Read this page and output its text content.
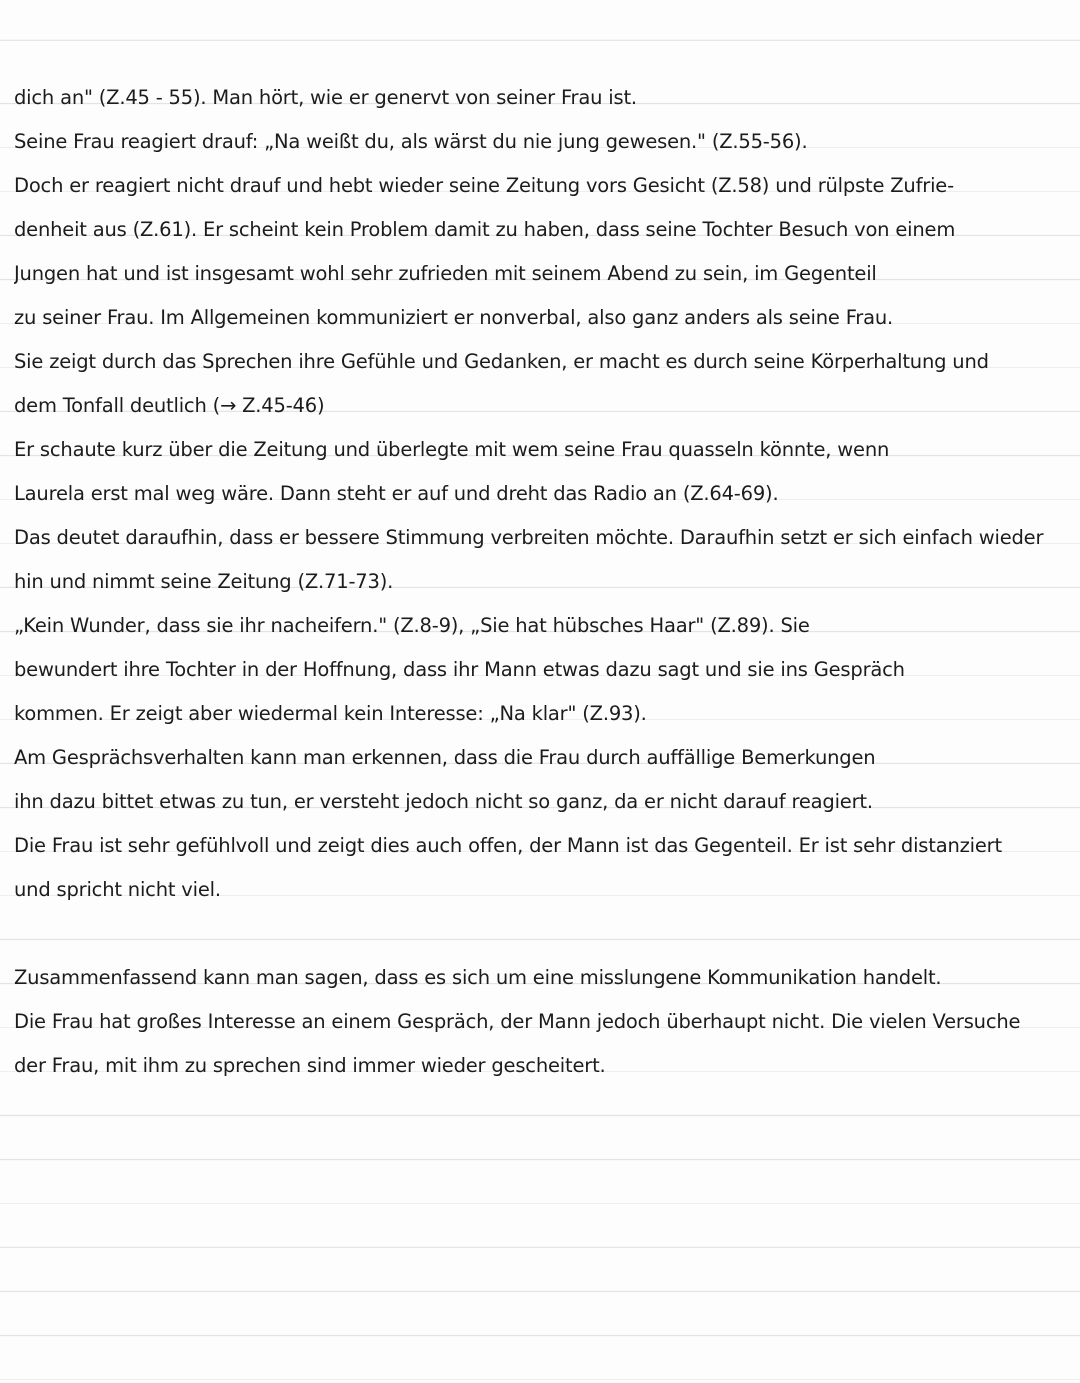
dich an" (Z.45 - 55). Man hört, wie er genervt von seiner Frau ist.
Seine Frau reagiert drauf: „Na weißt du, als wärst du nie jung gewesen." (Z.55-56).
Doch er reagiert nicht drauf und hebt wieder seine Zeitung vors Gesicht (Z.58) und rülpste Zufrie-
denheit aus (Z.61). Er scheint kein Problem damit zu haben, dass seine Tochter Besuch von einem
Jungen hat und ist insgesamt wohl sehr zufrieden mit seinem Abend zu sein, im Gegenteil
zu seiner Frau. Im Allgemeinen kommuniziert er nonverbal, also ganz anders als seine Frau.
Sie zeigt durch das Sprechen ihre Gefühle und Gedanken, er macht es durch seine Körperhaltung und
dem Tonfall deutlich (→ Z.45-46)
Er schaute kurz über die Zeitung und überlegte mit wem seine Frau quasseln könnte, wenn
Laurela erst mal weg wäre. Dann steht er auf und dreht das Radio an (Z.64-69).
Das deutet daraufhin, dass er bessere Stimmung verbreiten möchte. Daraufhin setzt er sich einfach wieder
hin und nimmt seine Zeitung (Z.71-73).
„Kein Wunder, dass sie ihr nacheifern." (Z.8-9), „Sie hat hübsches Haar" (Z.89). Sie
bewundert ihre Tochter in der Hoffnung, dass ihr Mann etwas dazu sagt und sie ins Gespräch
kommen. Er zeigt aber wiedermal kein Interesse: „Na klar" (Z.93).
Am Gesprächsverhalten kann man erkennen, dass die Frau durch auffällige Bemerkungen
ihn dazu bittet etwas zu tun, er versteht jedoch nicht so ganz, da er nicht darauf reagiert.
Die Frau ist sehr gefühlvoll und zeigt dies auch offen, der Mann ist das Gegenteil. Er ist sehr distanziert
und spricht nicht viel.
Zusammenfassend kann man sagen, dass es sich um eine misslungene Kommunikation handelt.
Die Frau hat großes Interesse an einem Gespräch, der Mann jedoch überhaupt nicht. Die vielen Versuche
der Frau, mit ihm zu sprechen sind immer wieder gescheitert.
